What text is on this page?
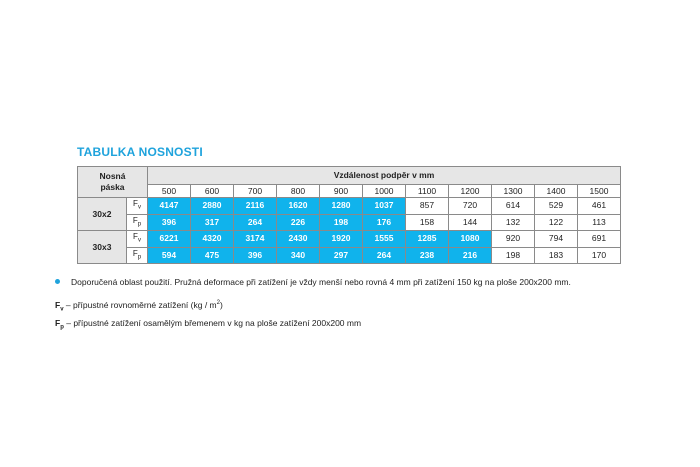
TABULKA NOSNOSTI
Nosná
páska		Vzdálenost podpěr v mm										
		500	600	700	800	900	1000	1100	1200	1300	1400	1500
30x2	$F_v$	4147	2880	2116	1620	1280	1037	857	720	614	529	461
	$F_p$	396	317	264	226	198	176	158	144	132	122	113
30x3	$F_v$	6221	4320	3174	2430	1920	1555	1285	1080	920	794	691
	$F_p$	594	475	396	340	297	264	238	216	198	183	170
Doporučená oblast použití. Pružná deformace při zatížení je vždy menší nebo rovná 4 mm při zatížení 150 kg na ploše 200x200 mm.
$F_v$ – přípustné rovnoměrné zatížení $(kg / m^2)$
$F_p$ – přípustné zatížení osamělým břemenem v kg na ploše zatížení 200x200 mm
